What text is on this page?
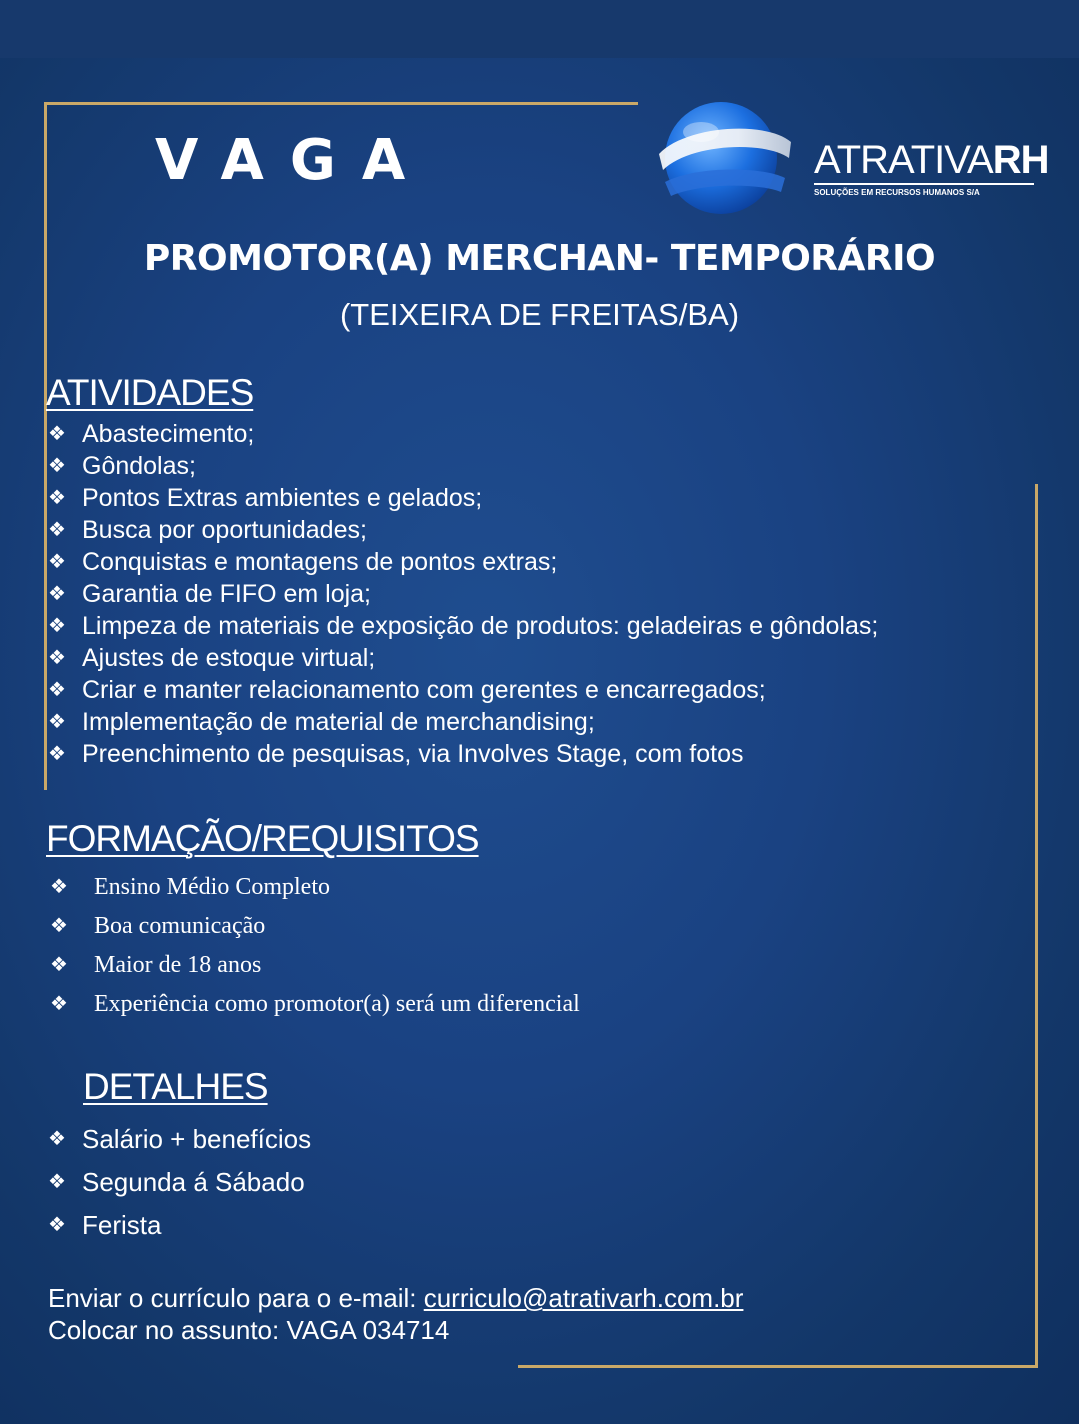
VAGA	ATRATIVARH
SOLUÇÕES EM RECURSOS HUMANOS S/A
PROMOTOR(A) MERCHAN- TEMPORÁRIO
(TEIXEIRA DE FREITAS/BA)
ATIVIDADES
❖ Abastecimento;
❖ Gôndolas;
❖ Pontos Extras ambientes e gelados;
❖ Busca por oportunidades;
❖ Conquistas e montagens de pontos extras;
❖ Garantia de FIFO em loja;
❖ Limpeza de materiais de exposição de produtos: geladeiras e gôndolas;
❖ Ajustes de estoque virtual;
❖ Criar e manter relacionamento com gerentes e encarregados;
❖ Implementação de material de merchandising;
❖ Preenchimento de pesquisas, via Involves Stage, com fotos
FORMAÇÃO/REQUISITOS
❖ Ensino Médio Completo
❖ Boa comunicação
❖ Maior de 18 anos
❖ Experiência como promotor(a) será um diferencial
DETALHES
❖ Salário + benefícios
❖ Segunda á Sábado
❖ Ferista
Enviar o currículo para o e-mail: curriculo@atrativarh.com.br
Colocar no assunto: VAGA 034714
